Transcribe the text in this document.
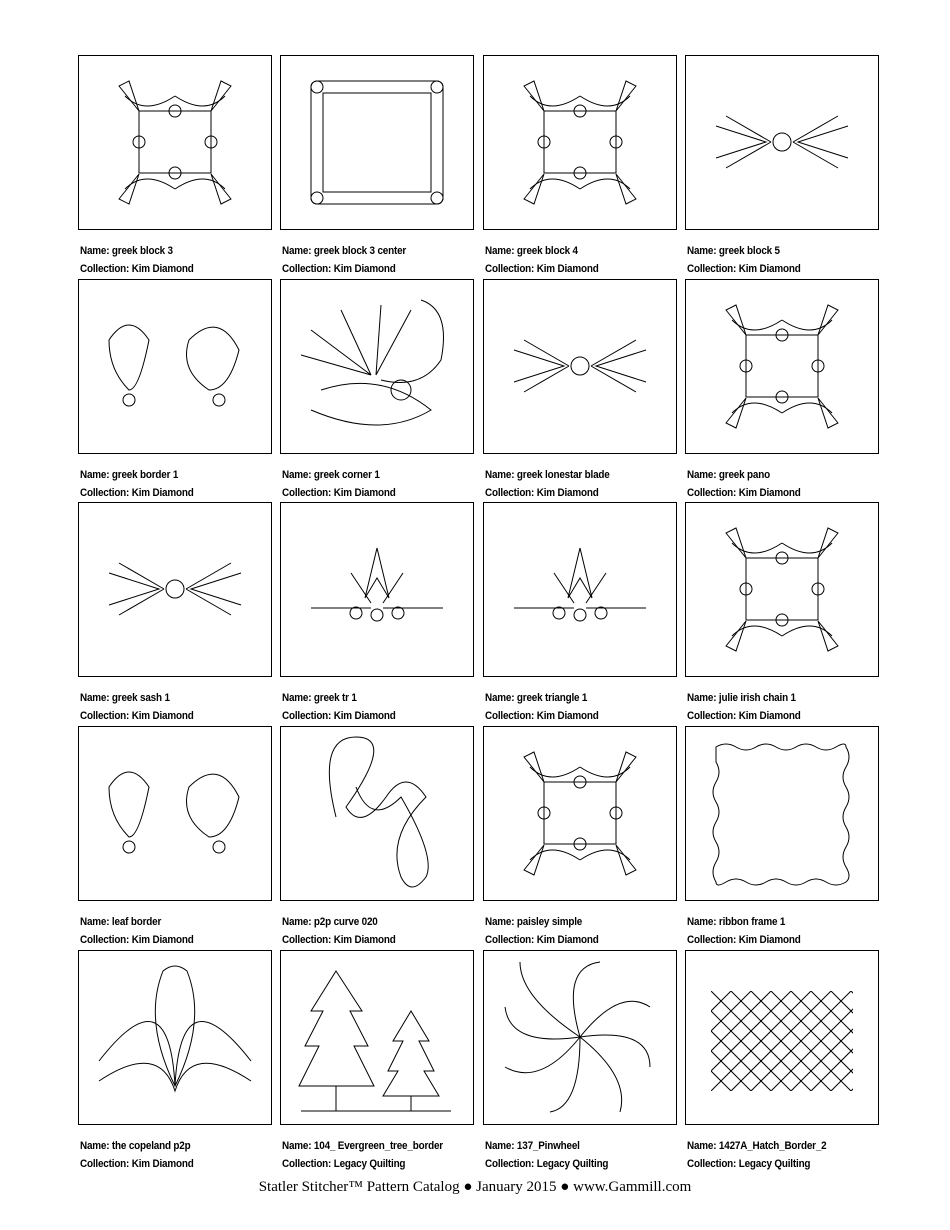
Name: greek block 3
Collection: Kim Diamond
Name: greek block 3 center
Collection: Kim Diamond
Name: greek block 4
Collection: Kim Diamond
Name: greek block 5
Collection: Kim Diamond
Name: greek border 1
Collection: Kim Diamond
Name: greek corner 1
Collection: Kim Diamond
Name: greek lonestar blade
Collection: Kim Diamond
Name: greek pano
Collection: Kim Diamond
Name: greek sash 1
Collection: Kim Diamond
Name: greek tr 1
Collection: Kim Diamond
Name: greek triangle 1
Collection: Kim Diamond
Name: julie irish chain 1
Collection: Kim Diamond
Name: leaf border
Collection: Kim Diamond
Name: p2p curve 020
Collection: Kim Diamond
Name: paisley simple
Collection: Kim Diamond
Name: ribbon frame 1
Collection: Kim Diamond
Name: the copeland p2p
Collection: Kim Diamond
Name: 104_ Evergreen_tree_border
Collection: Legacy Quilting
Name: 137_Pinwheel
Collection: Legacy Quilting
Name: 1427A_Hatch_Border_2
Collection: Legacy Quilting
Statler Stitcher™ Pattern Catalog ● January 2015 ● www.Gammill.com
